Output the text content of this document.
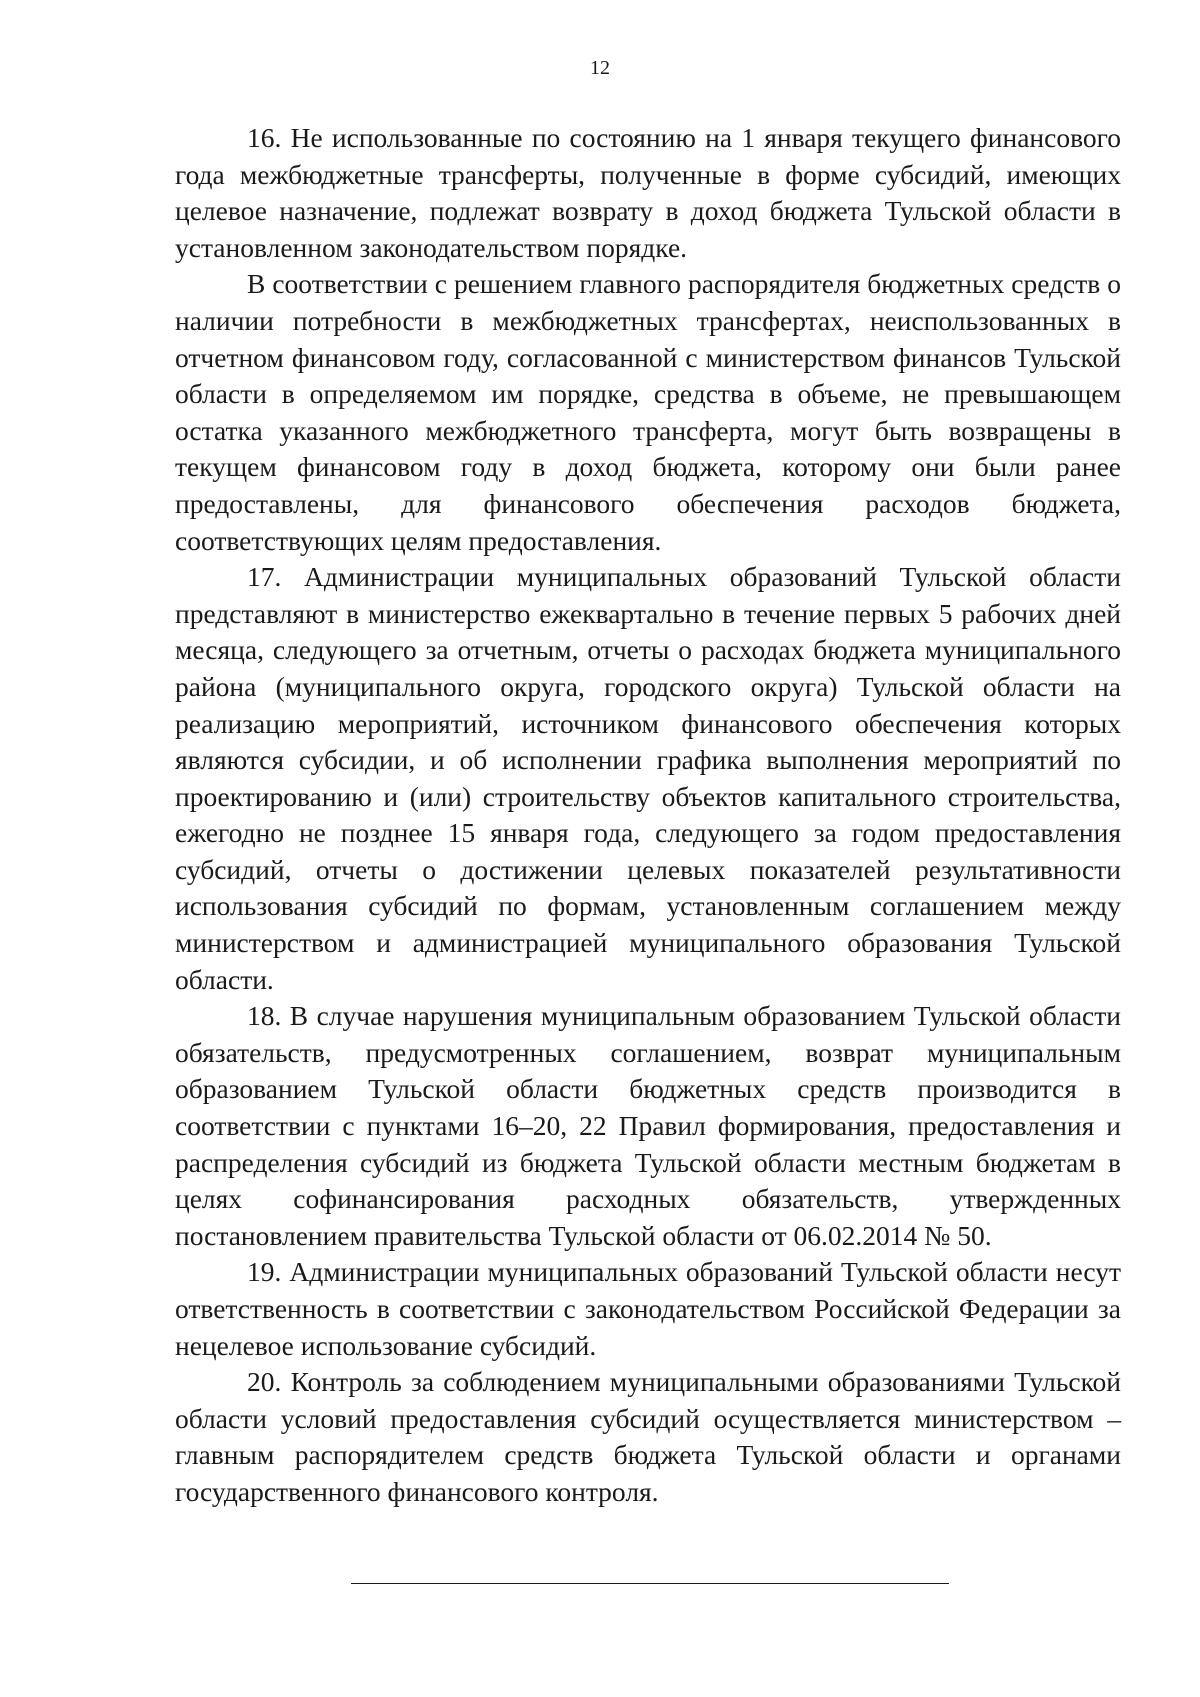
12

16. Не использованные по состоянию на 1 января текущего финансового года межбюджетные трансферты, полученные в форме субсидий, имеющих целевое назначение, подлежат возврату в доход бюджета Тульской области в установленном законодательством порядке.

В соответствии с решением главного распорядителя бюджетных средств о наличии потребности в межбюджетных трансфертах, неиспользованных в отчетном финансовом году, согласованной с министерством финансов Тульской области в определяемом им порядке, средства в объеме, не превышающем остатка указанного межбюджетного трансферта, могут быть возвращены в текущем финансовом году в доход бюджета, которому они были ранее предоставлены, для финансового обеспечения расходов бюджета, соответствующих целям предоставления.

17. Администрации муниципальных образований Тульской области представляют в министерство ежеквартально в течение первых 5 рабочих дней месяца, следующего за отчетным, отчеты о расходах бюджета муниципального района (муниципального округа, городского округа) Тульской области на реализацию мероприятий, источником финансового обеспечения которых являются субсидии, и об исполнении графика выполнения мероприятий по проектированию и (или) строительству объектов капитального строительства, ежегодно не позднее 15 января года, следующего за годом предоставления субсидий, отчеты о достижении целевых показателей результативности использования субсидий по формам, установленным соглашением между министерством и администрацией муниципального образования Тульской области.

18. В случае нарушения муниципальным образованием Тульской области обязательств, предусмотренных соглашением, возврат муниципальным образованием Тульской области бюджетных средств производится в соответствии с пунктами 16–20, 22 Правил формирования, предоставления и распределения субсидий из бюджета Тульской области местным бюджетам в целях софинансирования расходных обязательств, утвержденных постановлением правительства Тульской области от 06.02.2014 № 50.

19. Администрации муниципальных образований Тульской области несут ответственность в соответствии с законодательством Российской Федерации за нецелевое использование субсидий.

20. Контроль за соблюдением муниципальными образованиями Тульской области условий предоставления субсидий осуществляется министерством – главным распорядителем средств бюджета Тульской области и органами государственного финансового контроля.
